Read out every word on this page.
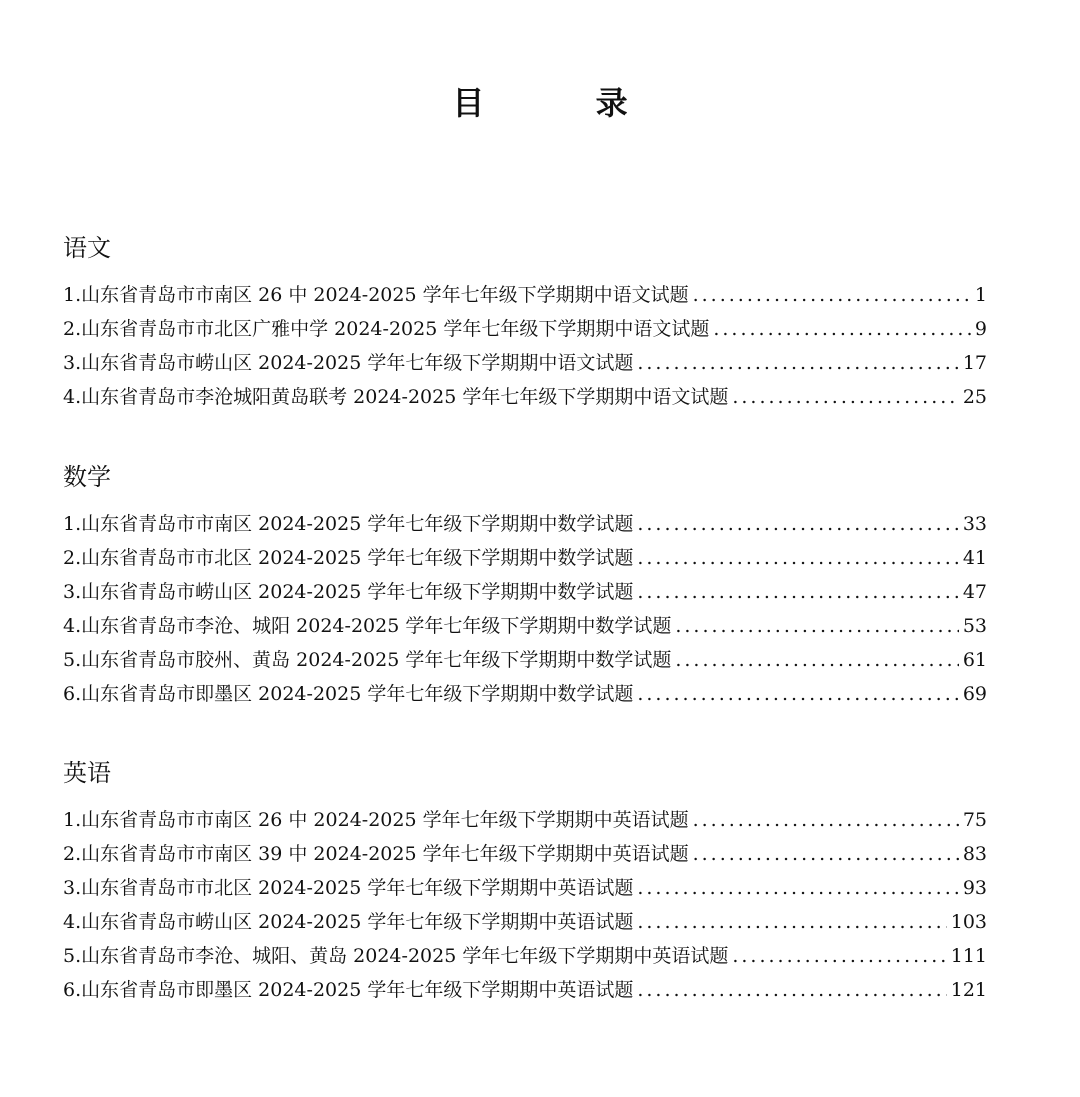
目 录
语文
1.山东省青岛市市南区 26 中 2024-2025 学年七年级下学期期中语文试题 .....	1
2.山东省青岛市市北区广雅中学 2024-2025 学年七年级下学期期中语文试题 .....	9
3.山东省青岛市崂山区 2024-2025 学年七年级下学期期中语文试题 .....	17
4.山东省青岛市李沧城阳黄岛联考 2024-2025 学年七年级下学期期中语文试题 .....	25
数学
1.山东省青岛市市南区 2024-2025 学年七年级下学期期中数学试题 .....	33
2.山东省青岛市市北区 2024-2025 学年七年级下学期期中数学试题 .....	41
3.山东省青岛市崂山区 2024-2025 学年七年级下学期期中数学试题 .....	47
4.山东省青岛市李沧、城阳 2024-2025 学年七年级下学期期中数学试题 .....	53
5.山东省青岛市胶州、黄岛 2024-2025 学年七年级下学期期中数学试题 .....	61
6.山东省青岛市即墨区 2024-2025 学年七年级下学期期中数学试题 .....	69
英语
1.山东省青岛市市南区 26 中 2024-2025 学年七年级下学期期中英语试题 .....	75
2.山东省青岛市市南区 39 中 2024-2025 学年七年级下学期期中英语试题 .....	83
3.山东省青岛市市北区 2024-2025 学年七年级下学期期中英语试题 .....	93
4.山东省青岛市崂山区 2024-2025 学年七年级下学期期中英语试题 .....	103
5.山东省青岛市李沧、城阳、黄岛 2024-2025 学年七年级下学期期中英语试题 .....	111
6.山东省青岛市即墨区 2024-2025 学年七年级下学期期中英语试题 .....	121
